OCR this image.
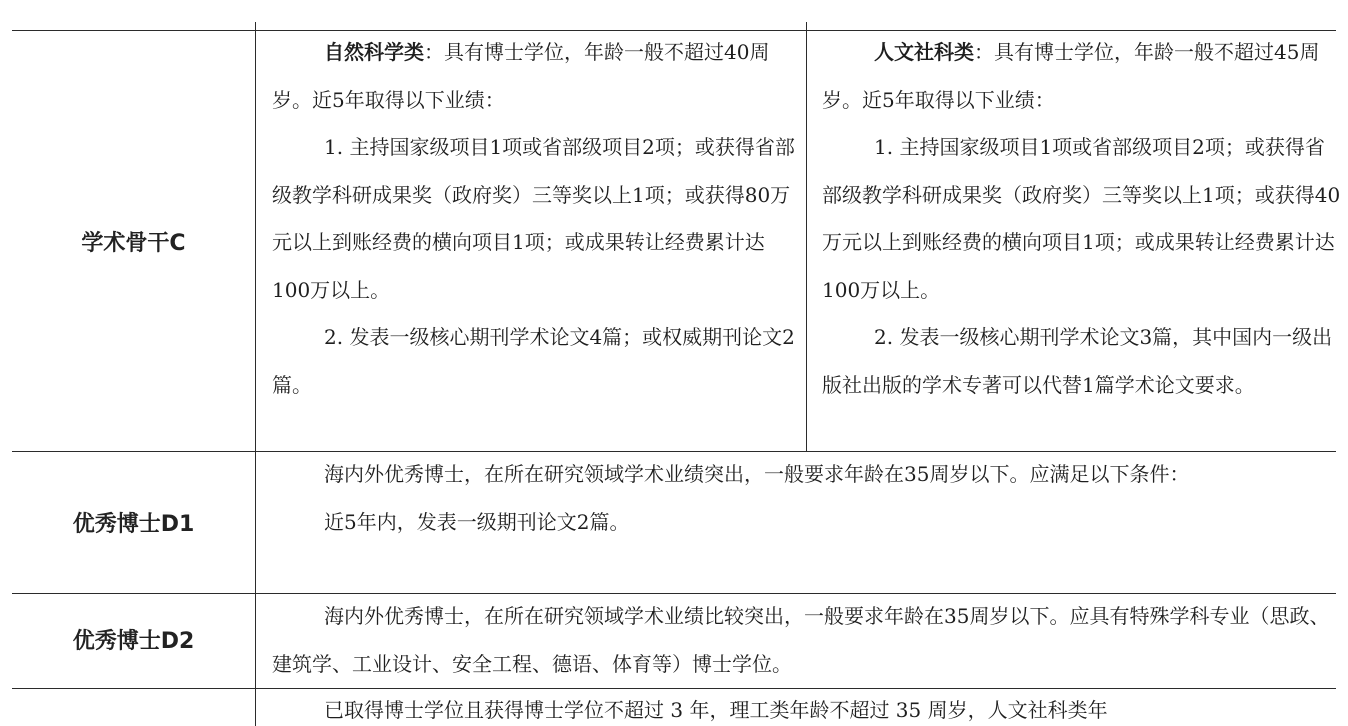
学术骨干C

自然科学类：具有博士学位，年龄一般不超过40周岁。近5年取得以下业绩：

1. 主持国家级项目1项或省部级项目2项；或获得省部级教学科研成果奖（政府奖）三等奖以上1项；或获得80万元以上到账经费的横向项目1项；或成果转让经费累计达100万以上。

2. 发表一级核心期刊学术论文4篇；或权威期刊论文2篇。

人文社科类：具有博士学位，年龄一般不超过45周岁。近5年取得以下业绩：

1. 主持国家级项目1项或省部级项目2项；或获得省部级教学科研成果奖（政府奖）三等奖以上1项；或获得40万元以上到账经费的横向项目1项；或成果转让经费累计达100万以上。

2. 发表一级核心期刊学术论文3篇，其中国内一级出版社出版的学术专著可以代替1篇学术论文要求。

优秀博士D1

海内外优秀博士，在所在研究领域学术业绩突出，一般要求年龄在35周岁以下。应满足以下条件：

近5年内，发表一级期刊论文2篇。

优秀博士D2

海内外优秀博士，在所在研究领域学术业绩比较突出，一般要求年龄在35周岁以下。应具有特殊学科专业（思政、建筑学、工业设计、安全工程、德语、体育等）博士学位。

已取得博士学位且获得博士学位不超过 3 年，理工类年龄不超过 35 周岁，人文社科类年	头条 @搜狐
